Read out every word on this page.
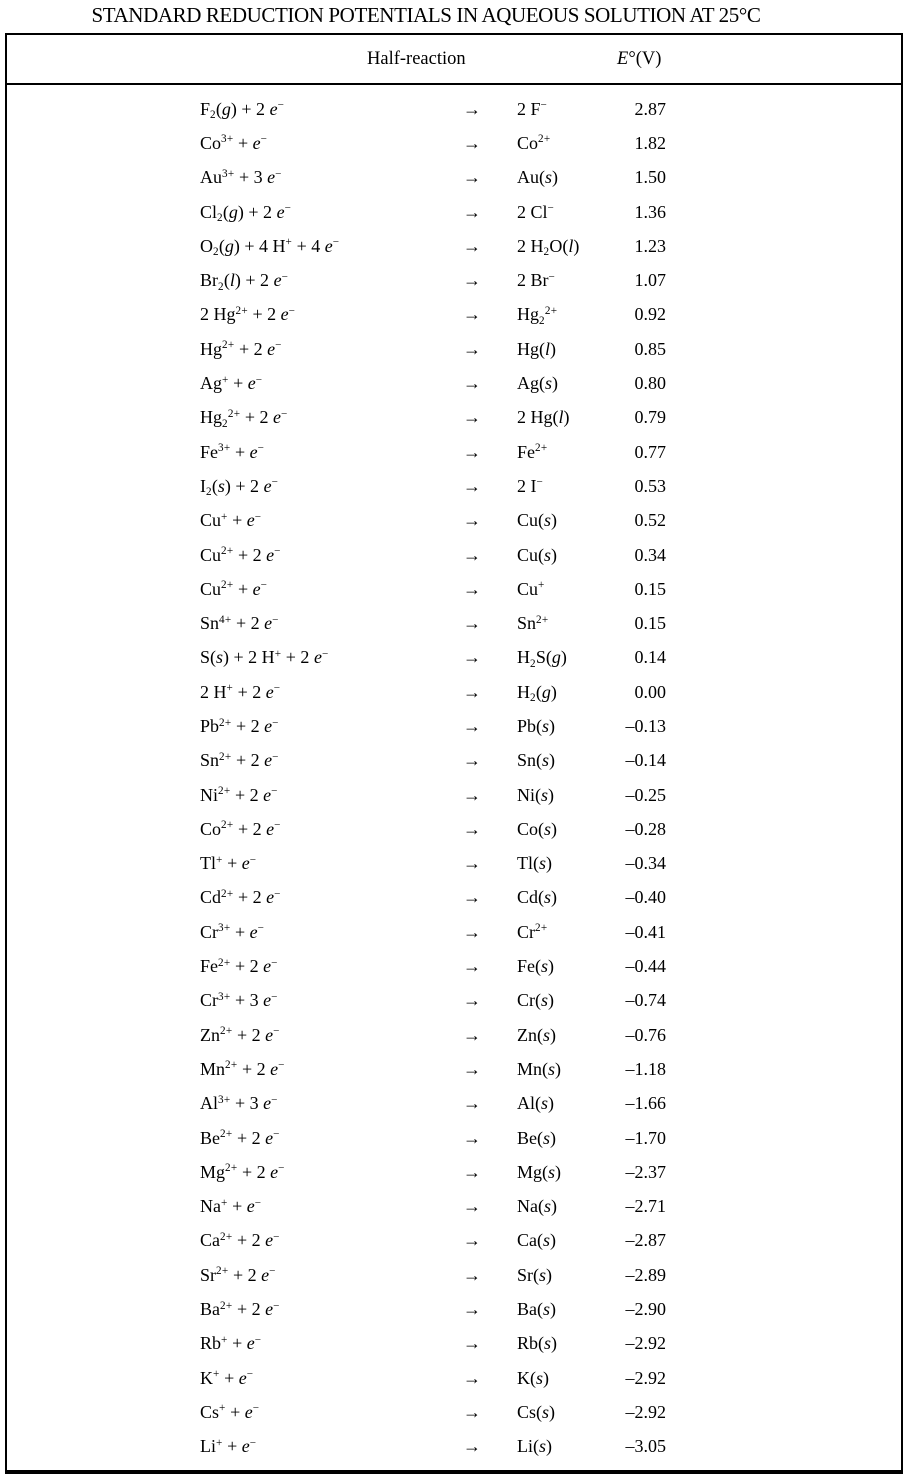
STANDARD REDUCTION POTENTIALS IN AQUEOUS SOLUTION AT 25°C
Half-reaction	E°(V)
$F_2(g) + 2$ e−	→	2 F−	2.87
$Co^{3+} + e^-$	→	$Co^{2+}$	1.82
$Au^{3+} + 3$ e−	→	Au(s)	1.50
$Cl_2(g) + 2$ e−	→	2 Cl−	1.36
$O_2(g) + 4$ H+ + 4 e−	→	2 $H_2O(l)$	1.23
$Br_2(l) + 2$ e−	→	2 Br−	1.07
2 $Hg^{2+} + 2$ e−	→	$Hg_2^{2+}$	0.92
$Hg^{2+} + 2$ e−	→	Hg(l)	0.85
Ag+ + e−	→	Ag(s)	0.80
$Hg_2^{2+} + 2$ e−	→	2 Hg(l)	0.79
$Fe^{3+} + e^-$	→	$Fe^{2+}$	0.77
$I_2(s) + 2$ e−	→	2 I−	0.53
Cu+ + e−	→	Cu(s)	0.52
$Cu^{2+} + 2$ e−	→	Cu(s)	0.34
$Cu^{2+} + e^-$	→	Cu+	0.15
$Sn^{4+} + 2$ e−	→	$Sn^{2+}$	0.15
S(s) + 2 H+ + 2 e−	→	$H_2S(g)$	0.14
2 H+ + 2 e−	→	$H_2(g)$	0.00
$Pb^{2+} + 2$ e−	→	Pb(s)	–0.13
$Sn^{2+} + 2$ e−	→	Sn(s)	–0.14
$Ni^{2+} + 2$ e−	→	Ni(s)	–0.25
$Co^{2+} + 2$ e−	→	Co(s)	–0.28
Tl+ + e−	→	Tl(s)	–0.34
$Cd^{2+} + 2$ e−	→	Cd(s)	–0.40
$Cr^{3+} + e^-$	→	$Cr^{2+}$	–0.41
$Fe^{2+} + 2$ e−	→	Fe(s)	–0.44
$Cr^{3+} + 3$ e−	→	Cr(s)	–0.74
$Zn^{2+} + 2$ e−	→	Zn(s)	–0.76
$Mn^{2+} + 2$ e−	→	Mn(s)	–1.18
$Al^{3+} + 3$ e−	→	Al(s)	–1.66
$Be^{2+} + 2$ e−	→	Be(s)	–1.70
$Mg^{2+} + 2$ e−	→	Mg(s)	–2.37
Na+ + e−	→	Na(s)	–2.71
$Ca^{2+} + 2$ e−	→	Ca(s)	–2.87
$Sr^{2+} + 2$ e−	→	Sr(s)	–2.89
$Ba^{2+} + 2$ e−	→	Ba(s)	–2.90
Rb+ + e−	→	Rb(s)	–2.92
K+ + e−	→	K(s)	–2.92
Cs+ + e−	→	Cs(s)	–2.92
Li+ + e−	→	Li(s)	–3.05
